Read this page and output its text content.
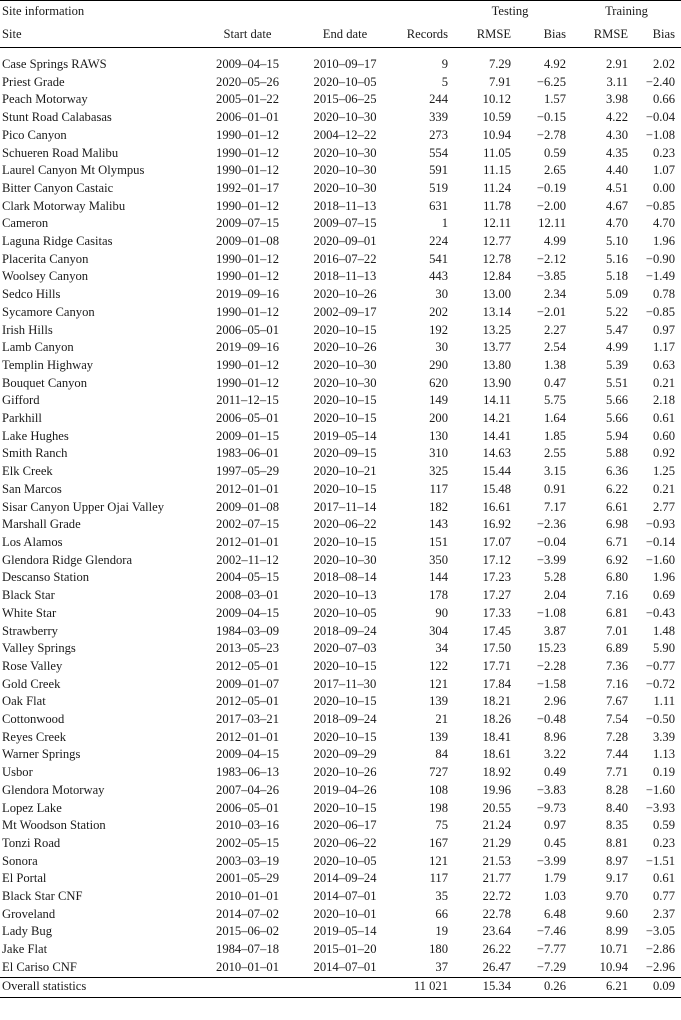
Site information				Testing		Training	
Site	Start date	End date	Records	RMSE	Bias	RMSE	Bias
Case Springs RAWS	2009–04–15	2010–09–17	9	7.29	4.92	2.91	2.02
Priest Grade	2020–05–26	2020–10–05	5	7.91	−6.25	3.11	−2.40
Peach Motorway	2005–01–22	2015–06–25	244	10.12	1.57	3.98	0.66
Stunt Road Calabasas	2006–01–01	2020–10–30	339	10.59	−0.15	4.22	−0.04
Pico Canyon	1990–01–12	2004–12–22	273	10.94	−2.78	4.30	−1.08
Schueren Road Malibu	1990–01–12	2020–10–30	554	11.05	0.59	4.35	0.23
Laurel Canyon Mt Olympus	1990–01–12	2020–10–30	591	11.15	2.65	4.40	1.07
Bitter Canyon Castaic	1992–01–17	2020–10–30	519	11.24	−0.19	4.51	0.00
Clark Motorway Malibu	1990–01–12	2018–11–13	631	11.78	−2.00	4.67	−0.85
Cameron	2009–07–15	2009–07–15	1	12.11	12.11	4.70	4.70
Laguna Ridge Casitas	2009–01–08	2020–09–01	224	12.77	4.99	5.10	1.96
Placerita Canyon	1990–01–12	2016–07–22	541	12.78	−2.12	5.16	−0.90
Woolsey Canyon	1990–01–12	2018–11–13	443	12.84	−3.85	5.18	−1.49
Sedco Hills	2019–09–16	2020–10–26	30	13.00	2.34	5.09	0.78
Sycamore Canyon	1990–01–12	2002–09–17	202	13.14	−2.01	5.22	−0.85
Irish Hills	2006–05–01	2020–10–15	192	13.25	2.27	5.47	0.97
Lamb Canyon	2019–09–16	2020–10–26	30	13.77	2.54	4.99	1.17
Templin Highway	1990–01–12	2020–10–30	290	13.80	1.38	5.39	0.63
Bouquet Canyon	1990–01–12	2020–10–30	620	13.90	0.47	5.51	0.21
Gifford	2011–12–15	2020–10–15	149	14.11	5.75	5.66	2.18
Parkhill	2006–05–01	2020–10–15	200	14.21	1.64	5.66	0.61
Lake Hughes	2009–01–15	2019–05–14	130	14.41	1.85	5.94	0.60
Smith Ranch	1983–06–01	2020–09–15	310	14.63	2.55	5.88	0.92
Elk Creek	1997–05–29	2020–10–21	325	15.44	3.15	6.36	1.25
San Marcos	2012–01–01	2020–10–15	117	15.48	0.91	6.22	0.21
Sisar Canyon Upper Ojai Valley	2009–01–08	2017–11–14	182	16.61	7.17	6.61	2.77
Marshall Grade	2002–07–15	2020–06–22	143	16.92	−2.36	6.98	−0.93
Los Alamos	2012–01–01	2020–10–15	151	17.07	−0.04	6.71	−0.14
Glendora Ridge Glendora	2002–11–12	2020–10–30	350	17.12	−3.99	6.92	−1.60
Descanso Station	2004–05–15	2018–08–14	144	17.23	5.28	6.80	1.96
Black Star	2008–03–01	2020–10–13	178	17.27	2.04	7.16	0.69
White Star	2009–04–15	2020–10–05	90	17.33	−1.08	6.81	−0.43
Strawberry	1984–03–09	2018–09–24	304	17.45	3.87	7.01	1.48
Valley Springs	2013–05–23	2020–07–03	34	17.50	15.23	6.89	5.90
Rose Valley	2012–05–01	2020–10–15	122	17.71	−2.28	7.36	−0.77
Gold Creek	2009–01–07	2017–11–30	121	17.84	−1.58	7.16	−0.72
Oak Flat	2012–05–01	2020–10–15	139	18.21	2.96	7.67	1.11
Cottonwood	2017–03–21	2018–09–24	21	18.26	−0.48	7.54	−0.50
Reyes Creek	2012–01–01	2020–10–15	139	18.41	8.96	7.28	3.39
Warner Springs	2009–04–15	2020–09–29	84	18.61	3.22	7.44	1.13
Usbor	1983–06–13	2020–10–26	727	18.92	0.49	7.71	0.19
Glendora Motorway	2007–04–26	2019–04–26	108	19.96	−3.83	8.28	−1.60
Lopez Lake	2006–05–01	2020–10–15	198	20.55	−9.73	8.40	−3.93
Mt Woodson Station	2010–03–16	2020–06–17	75	21.24	0.97	8.35	0.59
Tonzi Road	2002–05–15	2020–06–22	167	21.29	0.45	8.81	0.23
Sonora	2003–03–19	2020–10–05	121	21.53	−3.99	8.97	−1.51
El Portal	2001–05–29	2014–09–24	117	21.77	1.79	9.17	0.61
Black Star CNF	2010–01–01	2014–07–01	35	22.72	1.03	9.70	0.77
Groveland	2014–07–02	2020–10–01	66	22.78	6.48	9.60	2.37
Lady Bug	2015–06–02	2019–05–14	19	23.64	−7.46	8.99	−3.05
Jake Flat	1984–07–18	2015–01–20	180	26.22	−7.77	10.71	−2.86
El Cariso CNF	2010–01–01	2014–07–01	37	26.47	−7.29	10.94	−2.96
Overall statistics			11 021	15.34	0.26	6.21	0.09
